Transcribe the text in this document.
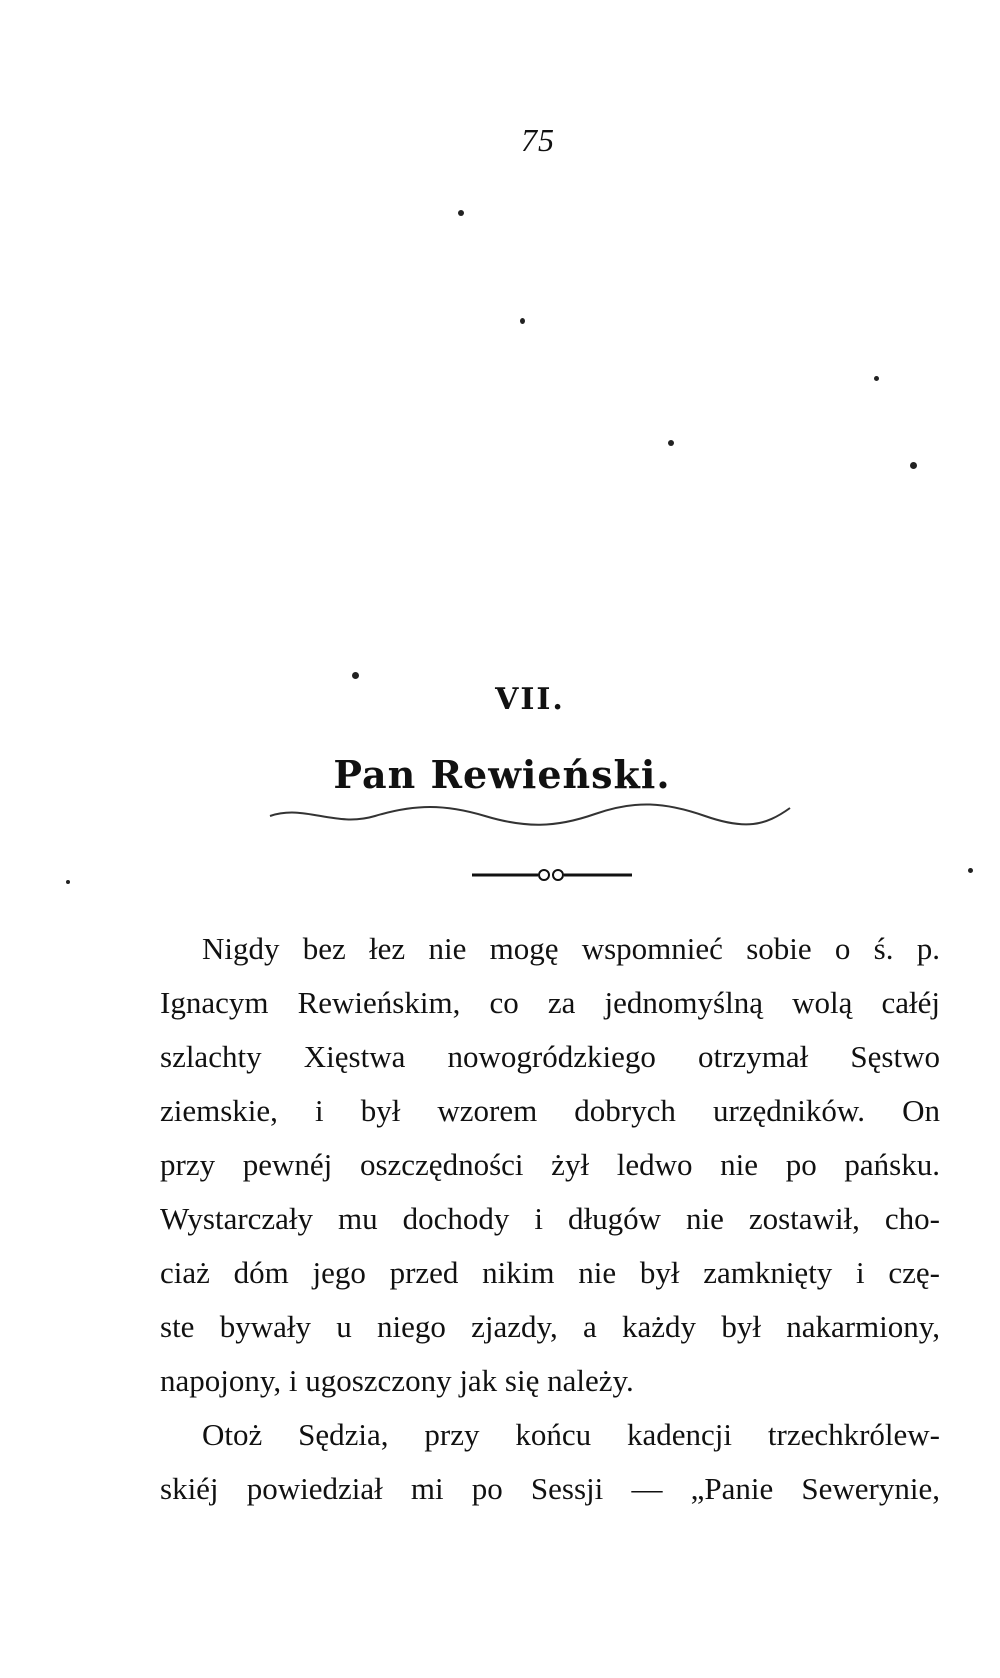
75
VII.
Pan Rewieński.
Nigdy bez łez nie mogę wspomnieć sobie o ś. p.
Ignacym Rewieńskim, co za jednomyślną wolą całéj
szlachty Xięstwa nowogródzkiego otrzymał Sęstwo
ziemskie, i był wzorem dobrych urzędników. On
przy pewnéj oszczędności żył ledwo nie po pańsku.
Wystarczały mu dochody i długów nie zostawił, cho-
ciaż dóm jego przed nikim nie był zamknięty i czę-
ste bywały u niego zjazdy, a każdy był nakarmiony,
napojony, i ugoszczony jak się należy.
Otoż Sędzia, przy końcu kadencji trzechkrólew-
skiéj powiedział mi po Sessji — „Panie Sewerynie,
